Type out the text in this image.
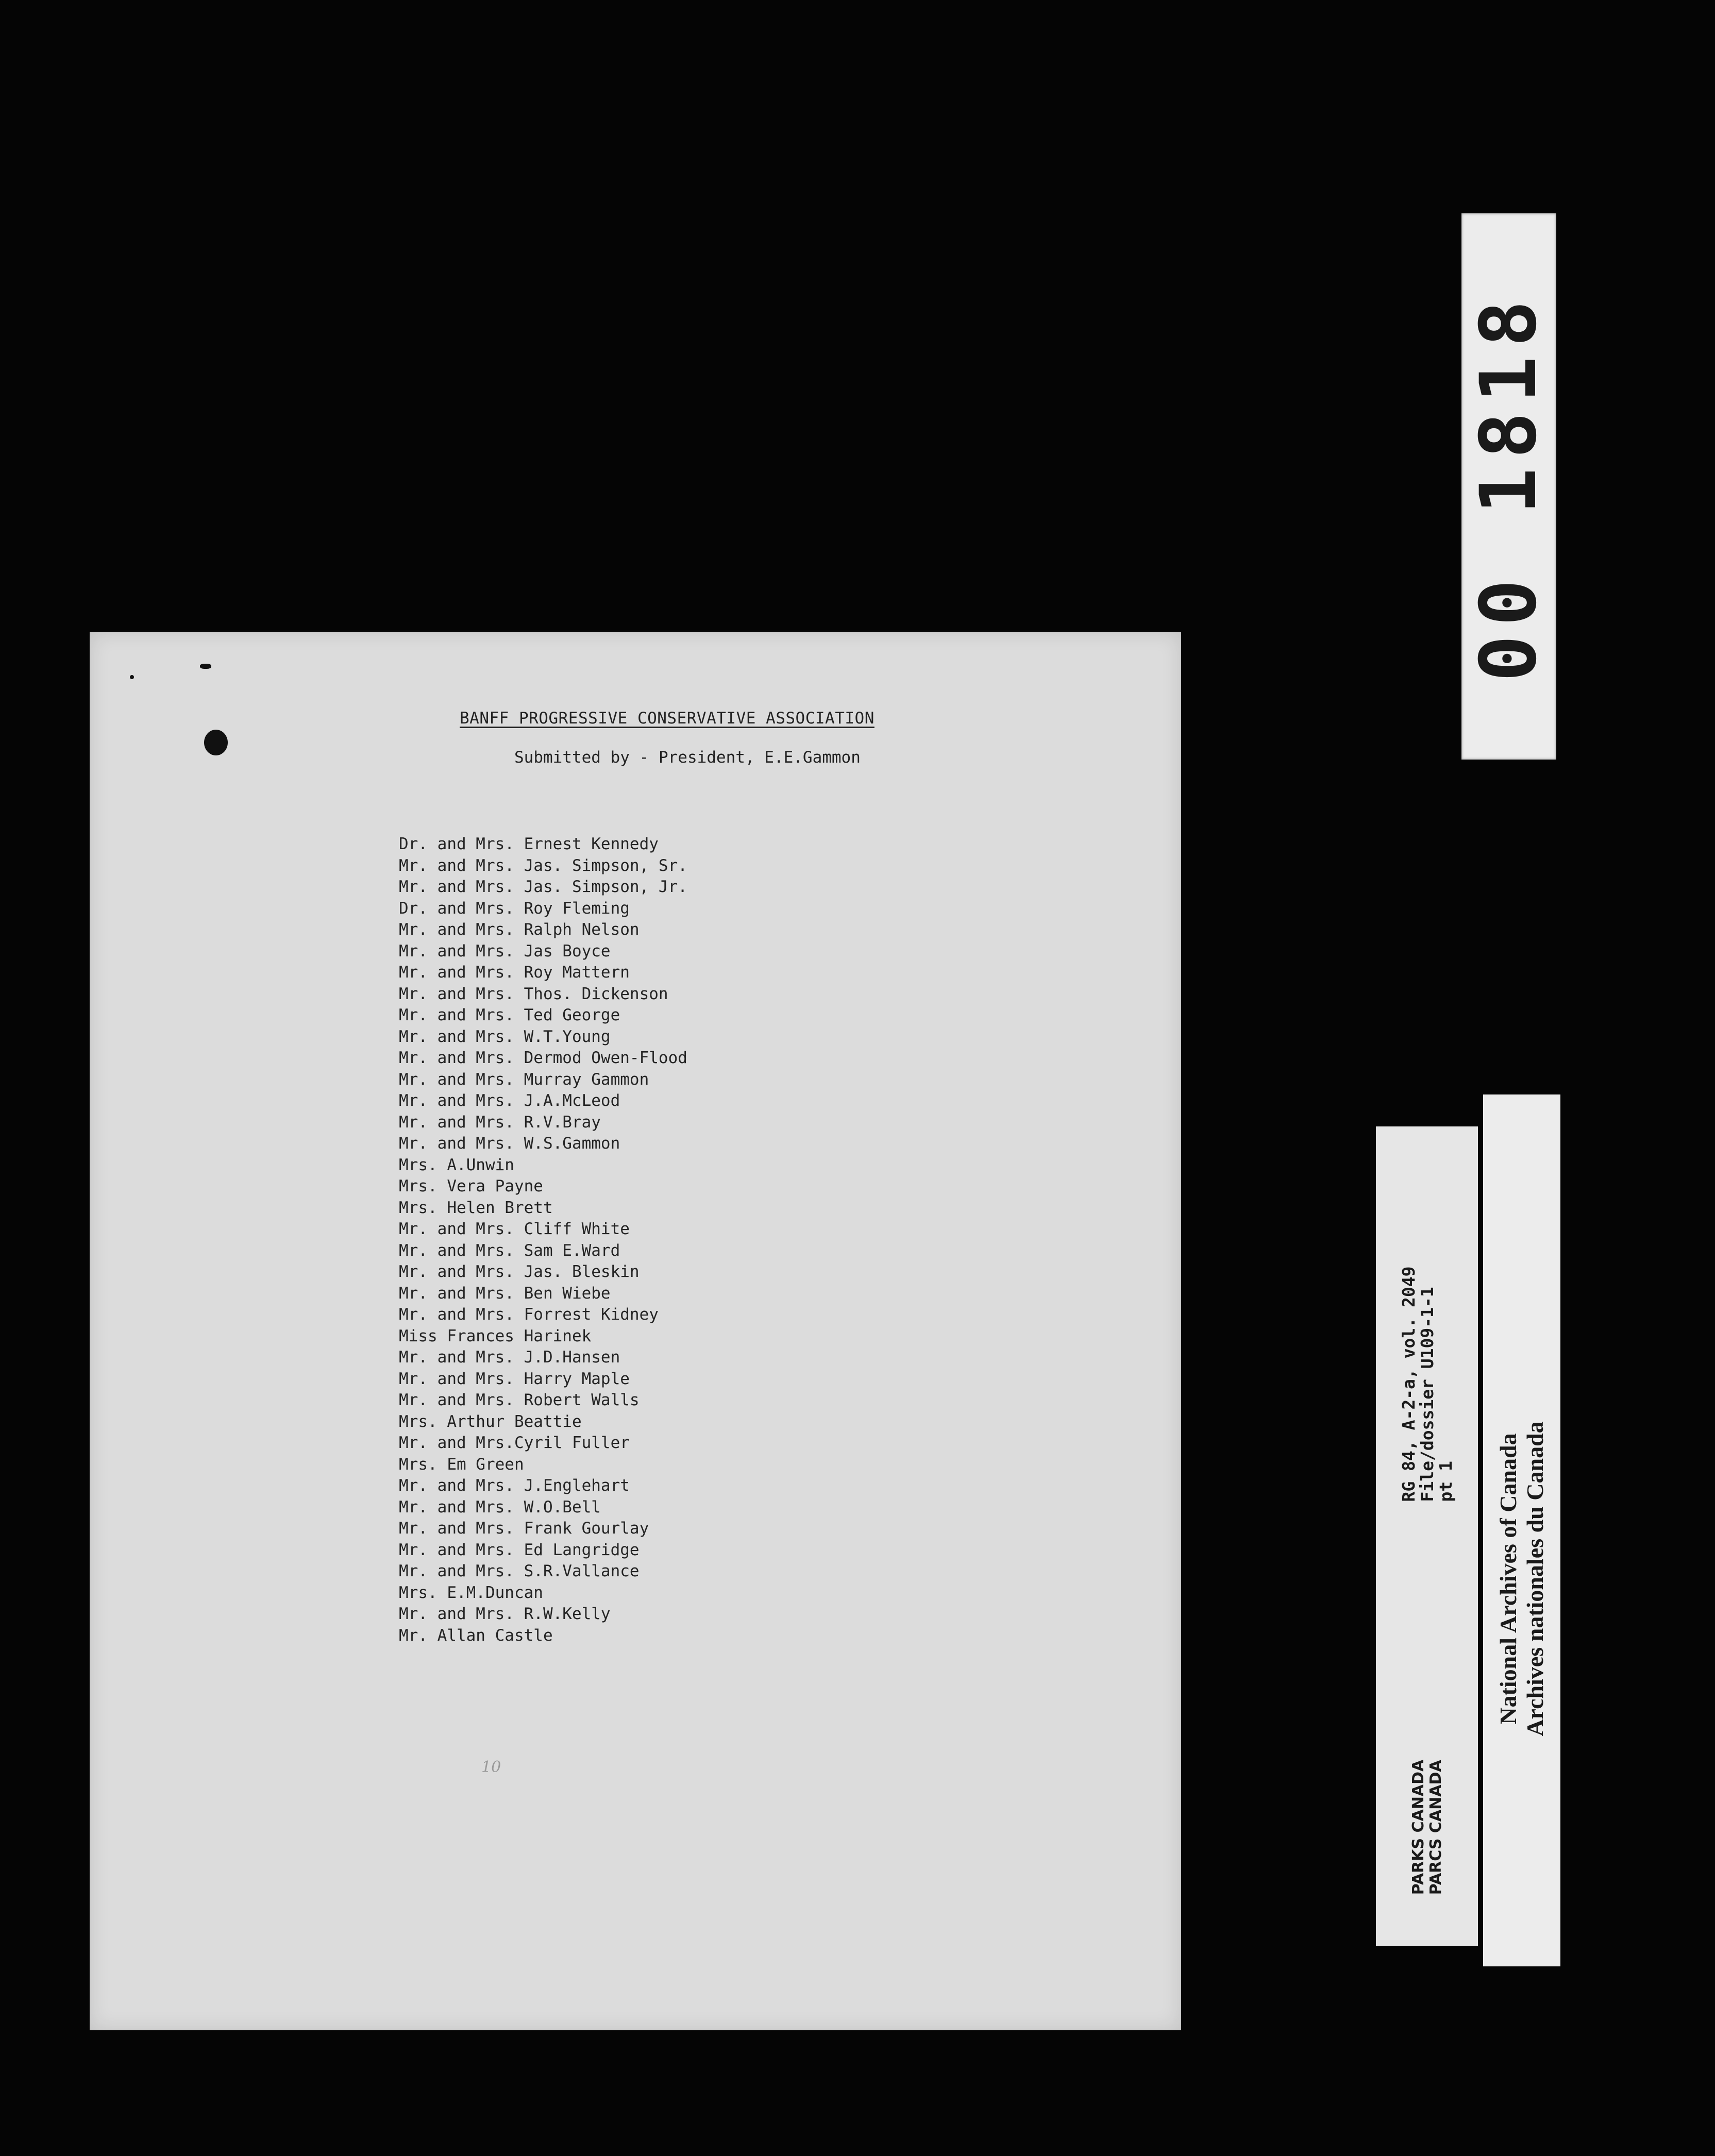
BANFF PROGRESSIVE CONSERVATIVE ASSOCIATION
Submitted by - President, E.E.Gammon
Dr. and Mrs. Ernest Kennedy
Mr. and Mrs. Jas. Simpson, Sr.
Mr. and Mrs. Jas. Simpson, Jr.
Dr. and Mrs. Roy Fleming
Mr. and Mrs. Ralph Nelson
Mr. and Mrs. Jas Boyce
Mr. and Mrs. Roy Mattern
Mr. and Mrs. Thos. Dickenson
Mr. and Mrs. Ted George
Mr. and Mrs. W.T.Young
Mr. and Mrs. Dermod Owen-Flood
Mr. and Mrs. Murray Gammon
Mr. and Mrs. J.A.McLeod
Mr. and Mrs. R.V.Bray
Mr. and Mrs. W.S.Gammon
Mrs. A.Unwin
Mrs. Vera Payne
Mrs. Helen Brett
Mr. and Mrs. Cliff White
Mr. and Mrs. Sam E.Ward
Mr. and Mrs. Jas. Bleskin
Mr. and Mrs. Ben Wiebe
Mr. and Mrs. Forrest Kidney
Miss Frances Harinek
Mr. and Mrs. J.D.Hansen
Mr. and Mrs. Harry Maple
Mr. and Mrs. Robert Walls
Mrs. Arthur Beattie
Mr. and Mrs.Cyril Fuller
Mrs. Em Green
Mr. and Mrs. J.Englehart
Mr. and Mrs. W.O.Bell
Mr. and Mrs. Frank Gourlay
Mr. and Mrs. Ed Langridge
Mr. and Mrs. S.R.Vallance
Mrs. E.M.Duncan
Mr. and Mrs. R.W.Kelly
Mr. Allan Castle
10
00 1818
RG 84, A-2-a, vol. 2049
File/dossier U109-1-1
pt 1
PARKS CANADA PARCS CANADA
National Archives of Canada Archives nationales du Canada
